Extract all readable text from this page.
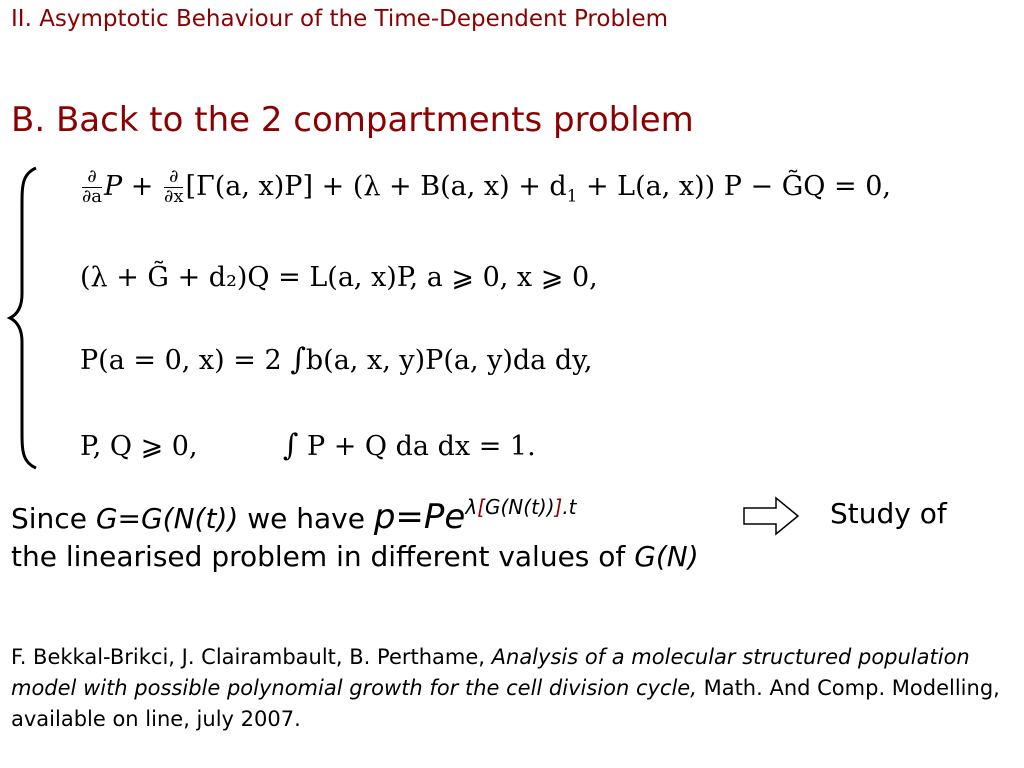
II. Asymptotic Behaviour of the Time-Dependent Problem
B. Back to the 2 compartments problem
$\frac{\partial}{\partial a}$ $P + \frac{\partial}{\partial x} [\Gamma(a$, x)P] + (λ + B(a, $x) + d_1 + L(a$, x)) P − G̃Q = 0,
(λ + G̃ + d₂)Q = L(a, x)P, a ⩾ 0, x ⩾ 0,
P(a = 0, x) = 2 ∫b(a, x, y)P(a, y)da dy,
P, Q ⩾ 0,	∫ P + Q da dx = 1.
Since G=G(N(t)) we have $p=Pe^{\lambda[G(N(t))].t}$	Study of
the linearised problem in different values of G(N)
F. Bekkal-Brikci, J. Clairambault, B. Perthame, Analysis of a molecular structured population model with possible polynomial growth for the cell division cycle, Math. And Comp. Modelling, available on line, july 2007.
